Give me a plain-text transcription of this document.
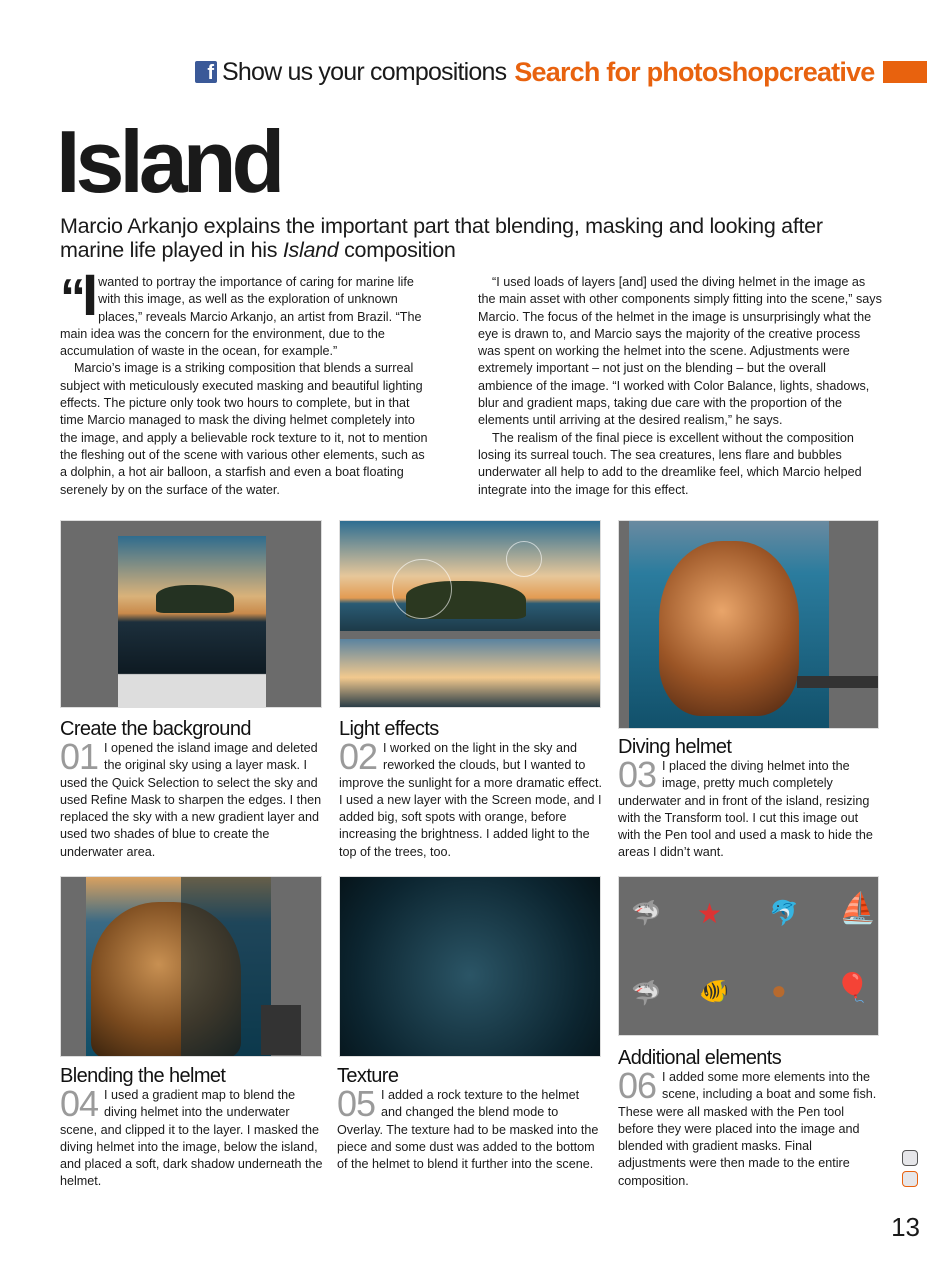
f Show us your compositions Search for photoshopcreative
Island
Marcio Arkanjo explains the important part that blending, masking and looking after marine life played in his Island composition
“I wanted to portray the importance of caring for marine life with this image, as well as the exploration of unknown places,” reveals Marcio Arkanjo, an artist from Brazil. “The main idea was the concern for the environment, due to the accumulation of waste in the ocean, for example.”

Marcio’s image is a striking composition that blends a surreal subject with meticulously executed masking and beautiful lighting effects. The picture only took two hours to complete, but in that time Marcio managed to mask the diving helmet completely into the image, and apply a believable rock texture to it, not to mention the fleshing out of the scene with various other elements, such as a dolphin, a hot air balloon, a starfish and even a boat floating serenely by on the surface of the water.

“I used loads of layers [and] used the diving helmet in the image as the main asset with other components simply fitting into the scene,” says Marcio. The focus of the helmet in the image is unsurprisingly what the eye is drawn to, and Marcio says the majority of the creative process was spent on working the helmet into the scene. Adjustments were extremely important – not just on the blending – but the overall ambience of the image. “I worked with Color Balance, lights, shadows, blur and gradient maps, taking due care with the proportion of the elements until arriving at the desired realism,” he says.

The realism of the final piece is excellent without the composition losing its surreal touch. The sea creatures, lens flare and bubbles underwater all help to add to the dreamlike feel, which Marcio helped integrate into the image for this effect.

🦈 ★ 🐬 ⛵
🦈 🐠 ● 🎈
Create the background
01 I opened the island image and deleted the original sky using a layer mask. I used the Quick Selection to select the sky and used Refine Mask to sharpen the edges. I then replaced the sky with a new gradient layer and used two shades of blue to create the underwater area.
Light effects
02 I worked on the light in the sky and reworked the clouds, but I wanted to improve the sunlight for a more dramatic effect. I used a new layer with the Screen mode, and I added big, soft spots with orange, before increasing the brightness. I added light to the top of the trees, too.
Diving helmet
03 I placed the diving helmet into the image, pretty much completely underwater and in front of the island, resizing with the Transform tool. I cut this image out with the Pen tool and used a mask to hide the areas I didn’t want.
Blending the helmet
04 I used a gradient map to blend the diving helmet into the underwater scene, and clipped it to the layer. I masked the diving helmet into the image, below the island, and placed a soft, dark shadow underneath the helmet.
Texture
05 I added a rock texture to the helmet and changed the blend mode to Overlay. The texture had to be masked into the piece and some dust was added to the bottom of the helmet to blend it further into the scene.
Additional elements
06 I added some more elements into the scene, including a boat and some fish. These were all masked with the Pen tool before they were placed into the image and blended with gradient masks. Final adjustments were then made to the entire composition.
13
